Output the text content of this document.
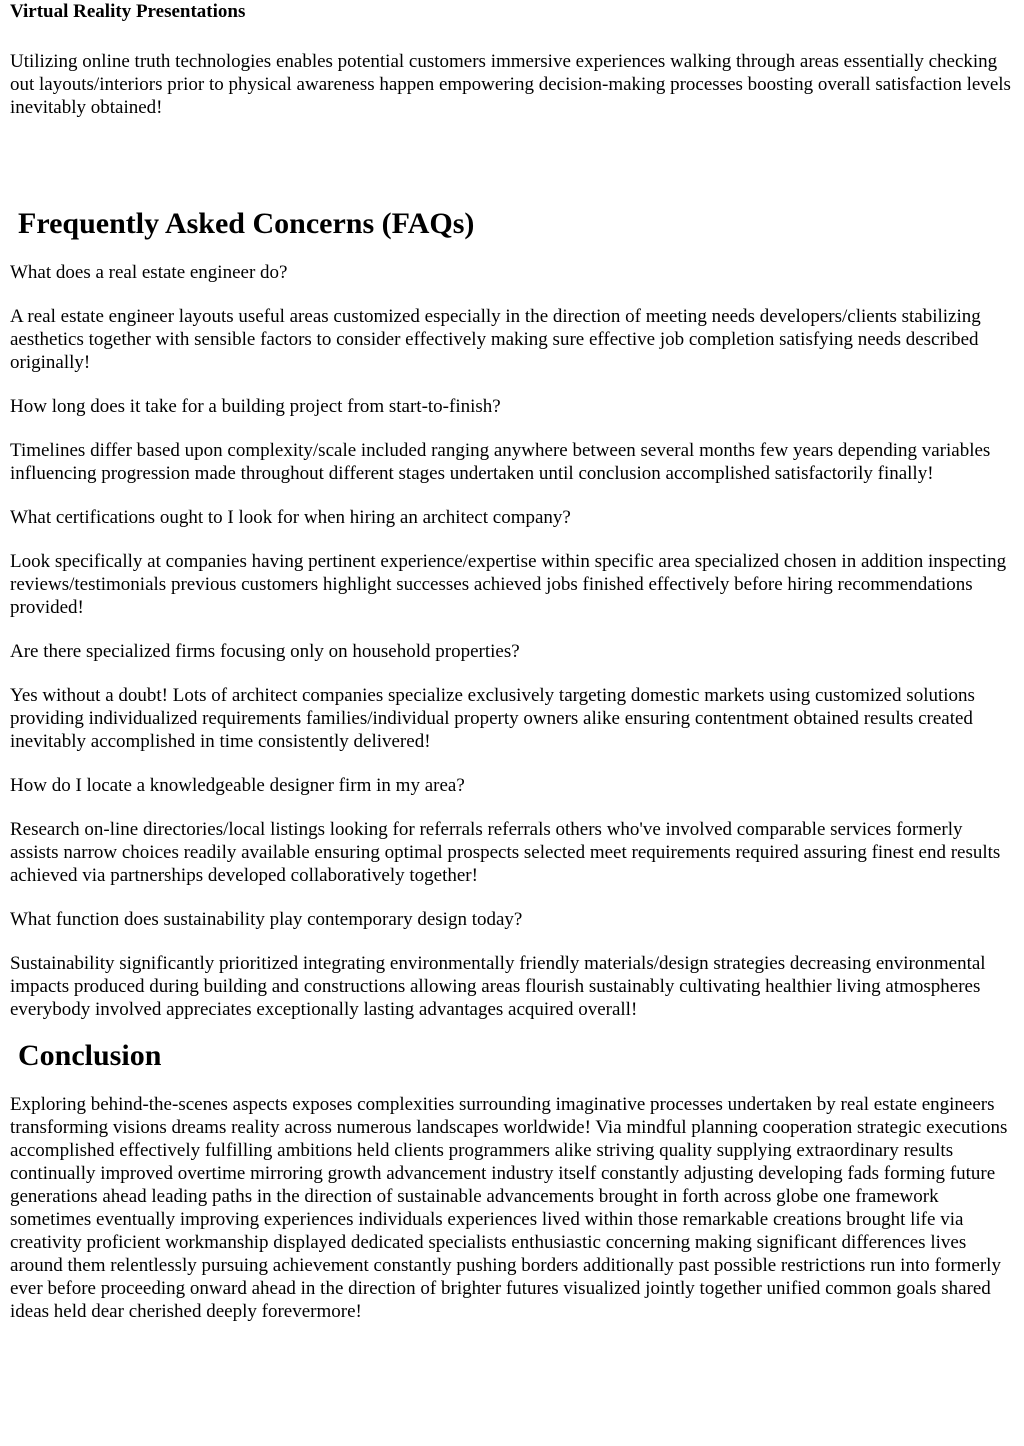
Virtual Reality Presentations

Utilizing online truth technologies enables potential customers immersive experiences walking through areas essentially checking out layouts/interiors prior to physical awareness happen empowering decision-making processes boosting overall satisfaction levels inevitably obtained!

Frequently Asked Concerns (FAQs)

What does a real estate engineer do?

A real estate engineer layouts useful areas customized especially in the direction of meeting needs developers/clients stabilizing aesthetics together with sensible factors to consider effectively making sure effective job completion satisfying needs described originally!

How long does it take for a building project from start-to-finish?

Timelines differ based upon complexity/scale included ranging anywhere between several months few years depending variables influencing progression made throughout different stages undertaken until conclusion accomplished satisfactorily finally!

What certifications ought to I look for when hiring an architect company?

Look specifically at companies having pertinent experience/expertise within specific area specialized chosen in addition inspecting reviews/testimonials previous customers highlight successes achieved jobs finished effectively before hiring recommendations provided!

Are there specialized firms focusing only on household properties?

Yes without a doubt! Lots of architect companies specialize exclusively targeting domestic markets using customized solutions providing individualized requirements families/individual property owners alike ensuring contentment obtained results created inevitably accomplished in time consistently delivered!

How do I locate a knowledgeable designer firm in my area?

Research on-line directories/local listings looking for referrals referrals others who've involved comparable services formerly assists narrow choices readily available ensuring optimal prospects selected meet requirements required assuring finest end results achieved via partnerships developed collaboratively together!

What function does sustainability play contemporary design today?

Sustainability significantly prioritized integrating environmentally friendly materials/design strategies decreasing environmental impacts produced during building and constructions allowing areas flourish sustainably cultivating healthier living atmospheres everybody involved appreciates exceptionally lasting advantages acquired overall!

Conclusion

Exploring behind-the-scenes aspects exposes complexities surrounding imaginative processes undertaken by real estate engineers transforming visions dreams reality across numerous landscapes worldwide! Via mindful planning cooperation strategic executions accomplished effectively fulfilling ambitions held clients programmers alike striving quality supplying extraordinary results continually improved overtime mirroring growth advancement industry itself constantly adjusting developing fads forming future generations ahead leading paths in the direction of sustainable advancements brought in forth across globe one framework sometimes eventually improving experiences individuals experiences lived within those remarkable creations brought life via creativity proficient workmanship displayed dedicated specialists enthusiastic concerning making significant differences lives around them relentlessly pursuing achievement constantly pushing borders additionally past possible restrictions run into formerly ever before proceeding onward ahead in the direction of brighter futures visualized jointly together unified common goals shared ideas held dear cherished deeply forevermore!
